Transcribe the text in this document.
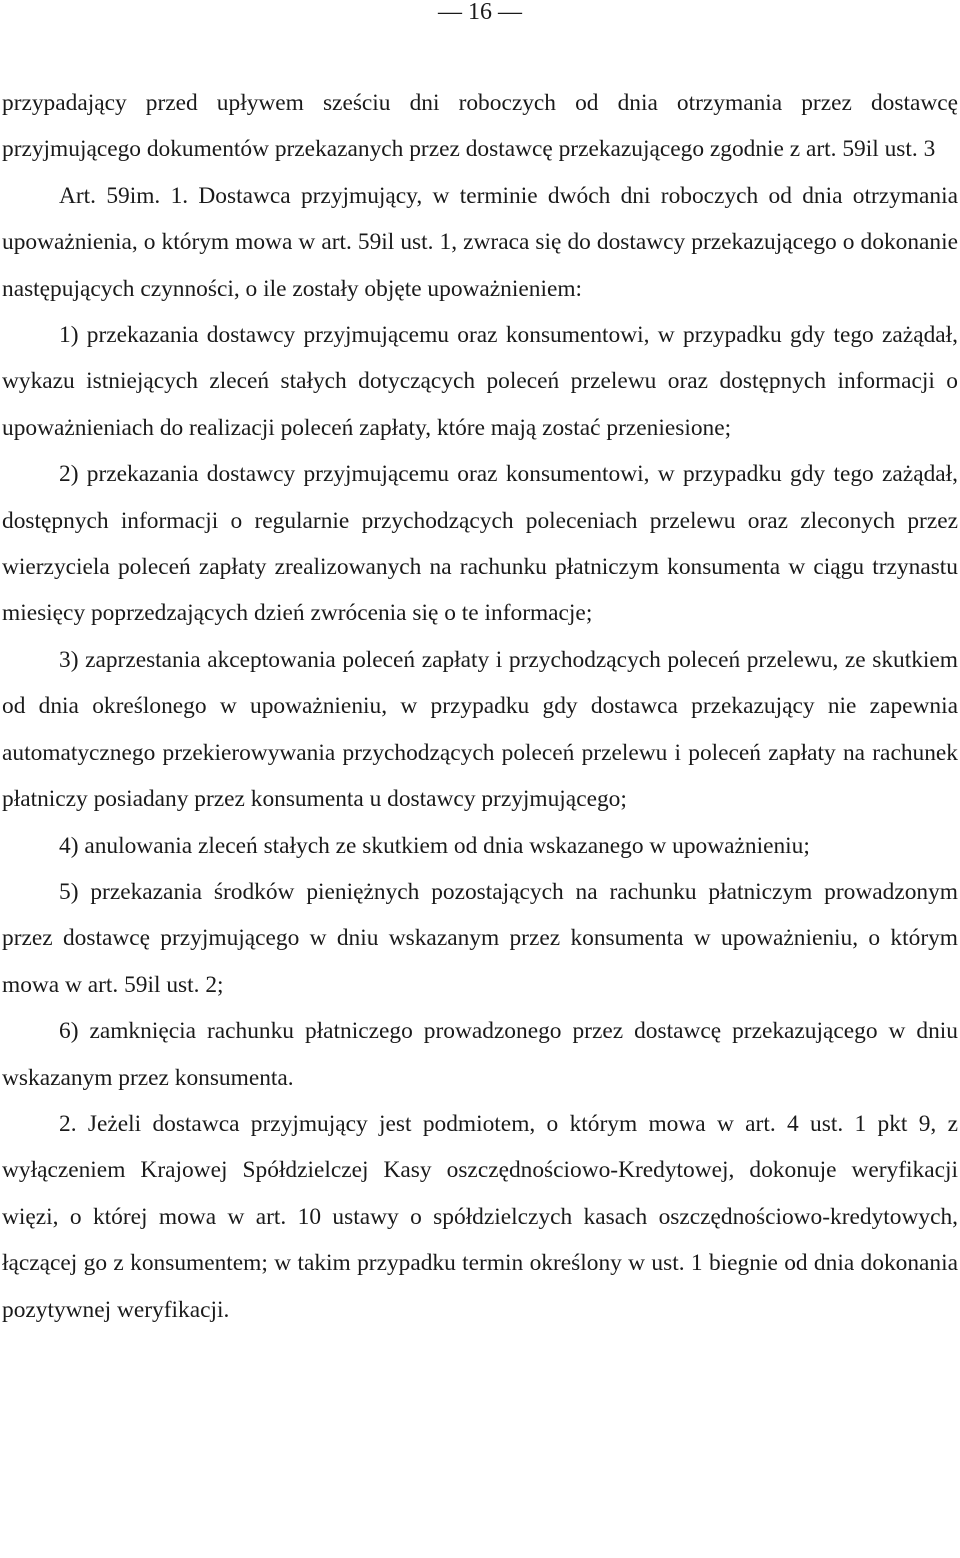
— 16 —

przypadający przed upływem sześciu dni roboczych od dnia otrzymania przez dostawcę przyjmującego dokumentów przekazanych przez dostawcę przekazującego zgodnie z art. 59il ust. 3

Art. 59im. 1. Dostawca przyjmujący, w terminie dwóch dni roboczych od dnia otrzymania upoważnienia, o którym mowa w art. 59il ust. 1, zwraca się do dostawcy przekazującego o dokonanie następujących czynności, o ile zostały objęte upoważnieniem:

1) przekazania dostawcy przyjmującemu oraz konsumentowi, w przypadku gdy tego zażądał, wykazu istniejących zleceń stałych dotyczących poleceń przelewu oraz dostępnych informacji o upoważnieniach do realizacji poleceń zapłaty, które mają zostać przeniesione;

2) przekazania dostawcy przyjmującemu oraz konsumentowi, w przypadku gdy tego zażądał, dostępnych informacji o regularnie przychodzących poleceniach przelewu oraz zleconych przez wierzyciela poleceń zapłaty zrealizowanych na rachunku płatniczym konsumenta w ciągu trzynastu miesięcy poprzedzających dzień zwrócenia się o te informacje;

3) zaprzestania akceptowania poleceń zapłaty i przychodzących poleceń przelewu, ze skutkiem od dnia określonego w upoważnieniu, w przypadku gdy dostawca przekazujący nie zapewnia automatycznego przekierowywania przychodzących poleceń przelewu i poleceń zapłaty na rachunek płatniczy posiadany przez konsumenta u dostawcy przyjmującego;

4) anulowania zleceń stałych ze skutkiem od dnia wskazanego w upoważnieniu;

5) przekazania środków pieniężnych pozostających na rachunku płatniczym prowadzonym przez dostawcę przyjmującego w dniu wskazanym przez konsumenta w upoważnieniu, o którym mowa w art. 59il ust. 2;

6) zamknięcia rachunku płatniczego prowadzonego przez dostawcę przekazującego w dniu wskazanym przez konsumenta.

2. Jeżeli dostawca przyjmujący jest podmiotem, o którym mowa w art. 4 ust. 1 pkt 9, z wyłączeniem Krajowej Spółdzielczej Kasy oszczędnościowo-Kredytowej, dokonuje weryfikacji więzi, o której mowa w art. 10 ustawy o spółdzielczych kasach oszczędnościowo-kredytowych, łączącej go z konsumentem; w takim przypadku termin określony w ust. 1 biegnie od dnia dokonania pozytywnej weryfikacji.
